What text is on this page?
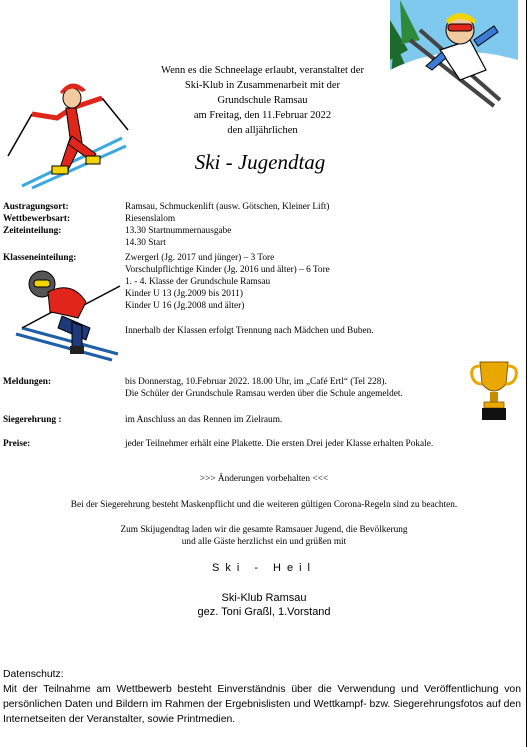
Wenn es die Schneelage erlaubt, veranstaltet der
Ski-Klub in Zusammenarbeit mit der
Grundschule Ramsau
am Freitag, den 11.Februar 2022
den alljährlichen
Ski - Jugendtag
Austragungsort:	Ramsau, Schmuckenlift (ausw. Götschen, Kleiner Lift)
Wettbewerbsart:	Riesenslalom
Zeiteinteilung:	13.30 Startnummernausgabe
14.30 Start
Klasseneinteilung:	Zwergerl (Jg. 2017 und jünger) – 3 Tore
Vorschulpflichtige Kinder (Jg. 2016 und älter) – 6 Tore
1. - 4. Klasse der Grundschule Ramsau
Kinder U 13 (Jg.2009 bis 2011)
Kinder U 16 (Jg.2008 und älter)
Innerhalb der Klassen erfolgt Trennung nach Mädchen und Buben.
Meldungen:	bis Donnerstag, 10.Februar 2022. 18.00 Uhr, im „Café Ertl“ (Tel 228).
Die Schüler der Grundschule Ramsau werden über die Schule angemeldet.
Siegerehrung :	im Anschluss an das Rennen im Zielraum.
Preise:	jeder Teilnehmer erhält eine Plakette. Die ersten Drei jeder Klasse erhalten Pokale.
>>> Änderungen vorbehalten <<<
Bei der Siegerehrung besteht Maskenpflicht und die weiteren gültigen Corona-Regeln sind zu beachten.
Zum Skijugendtag laden wir die gesamte Ramsauer Jugend, die Bevölkerung
und alle Gäste herzlichst ein und grüßen mit
Ski - Heil
Ski-Klub Ramsau
gez. Toni Graßl, 1.Vorstand
Datenschutz:
Mit der Teilnahme am Wettbewerb besteht Einverständnis über die Verwendung und Veröffentlichung von persönlichen Daten und Bildern im Rahmen der Ergebnislisten und Wettkampf- bzw. Siegerehrungsfotos auf den Internetseiten der Veranstalter, sowie Printmedien.
